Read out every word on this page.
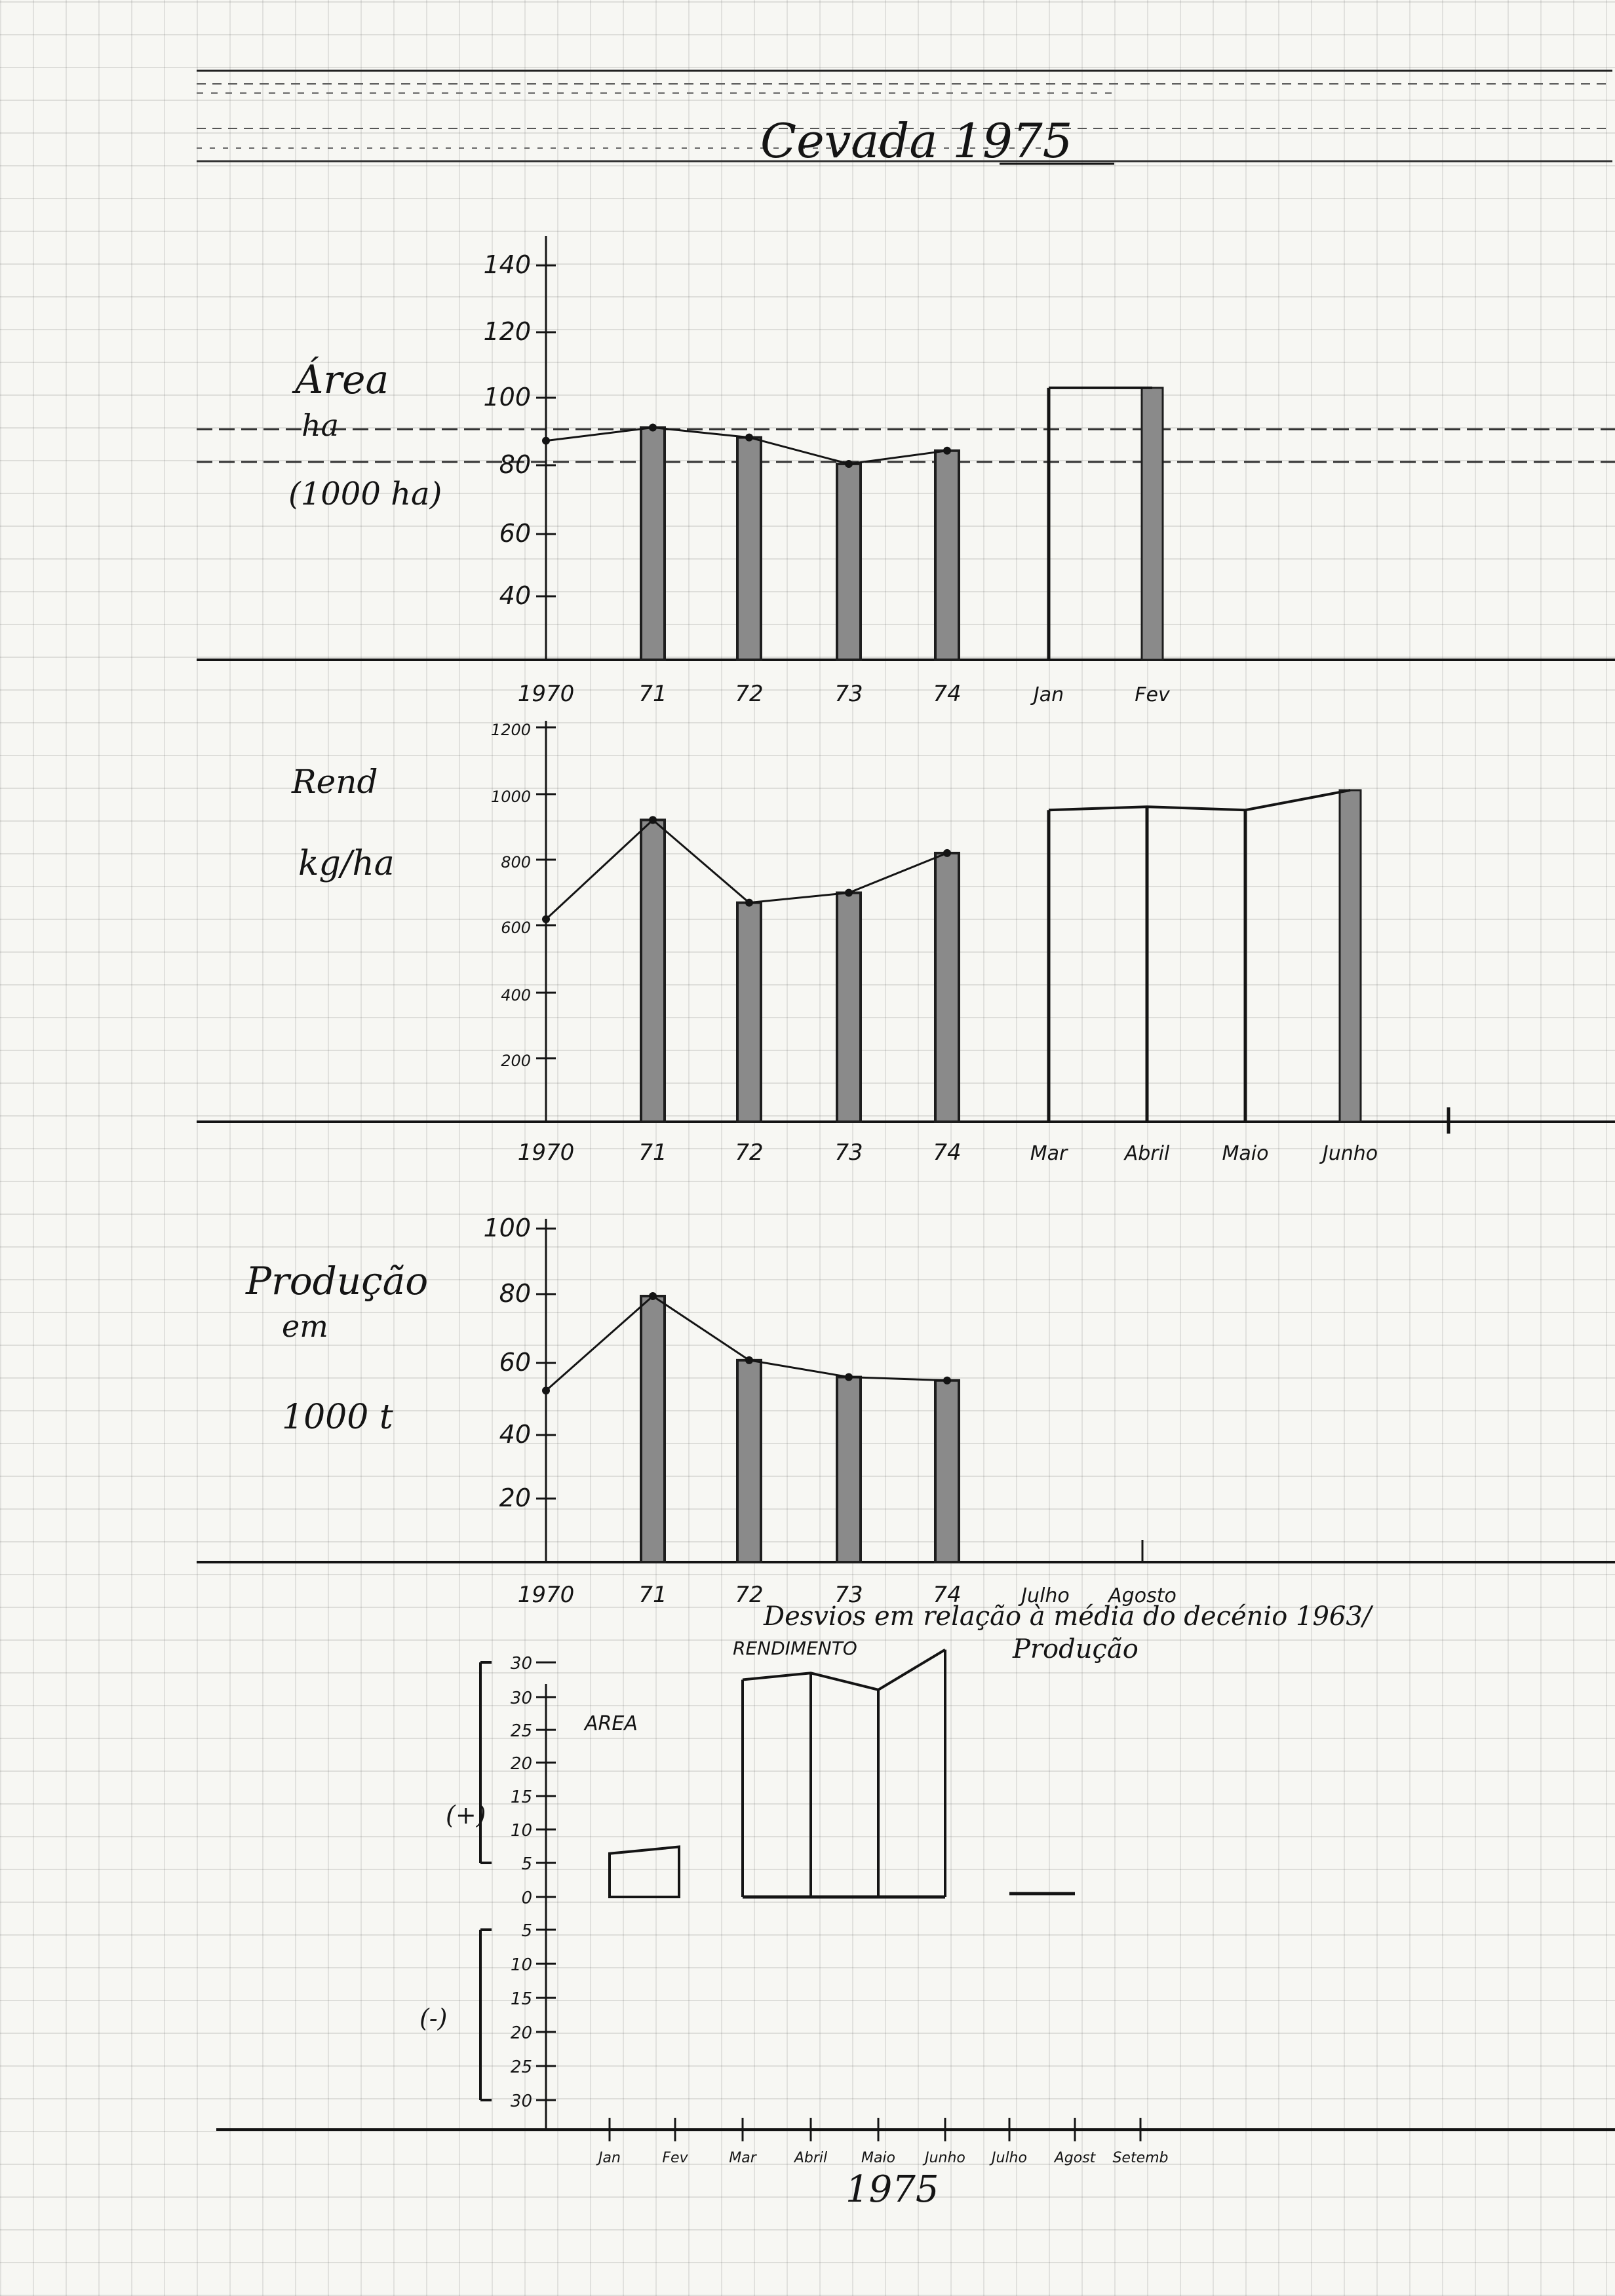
Cevada 1975
140
120
100
80
60
40
1970	71	72	73	74	Jan	Fev
Área
ha
(1000 ha)
1200
1000
800
600
400
200
1970	71	72	73	74	Mar	Abril	Maio	Junho
Rend
kg/ha
100
80
60
40
20
1970	71	72	73	74	Julho Agosto
Produção
em
1000 t
Desvios em relação à média do decénio 1963/
30
30
25
20
15
10
5
0
5
10
15
20
25
30
Jan	Fev	Mar	Abril Maio Junho Julho Agost Setemb
AREA
RENDIMENTO	Produção
(+)
(-)
1975
